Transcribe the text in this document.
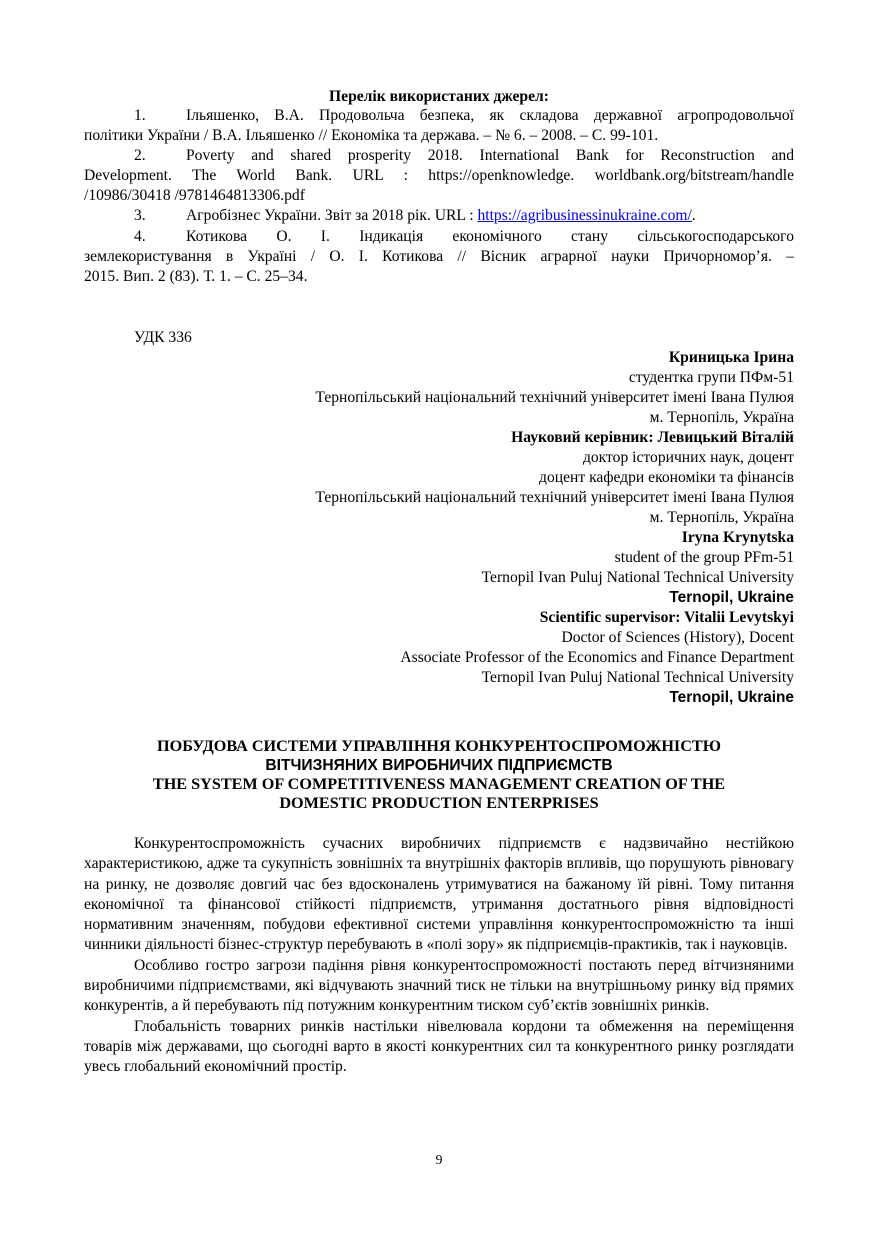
Перелік використаних джерел:
1.	Ільяшенко, В.А. Продовольча безпека, як складова державної агропродовольчої
політики України / В.А. Ільяшенко // Економіка та держава. – № 6. – 2008. – С. 99-101.
2.	Poverty and shared prosperity 2018. International Bank for Reconstruction and
Development. The World Bank. URL : https://openknowledge. worldbank.org/bitstream/handle
/10986/30418 /9781464813306.pdf
3.	Агробізнес України. Звіт за 2018 рік. URL : https://agribusinessinukraine.com/.
4.	Котикова О. І. Індикація економічного стану сільськогосподарського
землекористування в Україні / О. І. Котикова // Вісник аграрної науки Причорномор’я. –
2015. Вип. 2 (83). Т. 1. – С. 25–34.
УДК 336
Криницька Ірина
студентка групи ПФм-51
Тернопільський національний технічний університет імені Івана Пулюя
м. Тернопіль, Україна
Науковий керівник: Левицький Віталій
доктор історичних наук, доцент
доцент кафедри економіки та фінансів
Тернопільський національний технічний університет імені Івана Пулюя
м. Тернопіль, Україна
Iryna Krynytska
student of the group PFm-51
Ternopil Ivan Puluj National Technical University
Ternopil, Ukraine
Scientific supervisor: Vitalii Levytskyi
Doctor of Sciences (History), Docent
Associate Professor of the Economics and Finance Department
Ternopil Ivan Puluj National Technical University
Ternopil, Ukraine
ПОБУДОВА СИСТЕМИ УПРАВЛІННЯ КОНКУРЕНТОСПРОМОЖНІСТЮ
ВІТЧИЗНЯНИХ ВИРОБНИЧИХ ПІДПРИЄМСТВ
THE SYSTEM OF COMPETITIVENESS MANAGEMENT CREATION OF THE
DOMESTIC PRODUCTION ENTERPRISES
Конкурентоспроможність сучасних виробничих підприємств є надзвичайно нестійкою характеристикою, адже та сукупність зовнішніх та внутрішніх факторів впливів, що порушують рівновагу на ринку, не дозволяє довгий час без вдосконалень утримуватися на бажаному їй рівні. Тому питання економічної та фінансової стійкості підприємств, утримання достатнього рівня відповідності нормативним значенням, побудови ефективної системи управління конкурентоспроможністю та інші чинники діяльності бізнес-структур перебувають в «полі зору» як підприємців-практиків, так і науковців.
Особливо гостро загрози падіння рівня конкурентоспроможності постають перед вітчизняними виробничими підприємствами, які відчувають значний тиск не тільки на внутрішньому ринку від прямих конкурентів, а й перебувають під потужним конкурентним тиском суб’єктів зовнішніх ринків.
Глобальність товарних ринків настільки нівелювала кордони та обмеження на переміщення товарів між державами, що сьогодні варто в якості конкурентних сил та конкурентного ринку розглядати увесь глобальний економічний простір.
9
